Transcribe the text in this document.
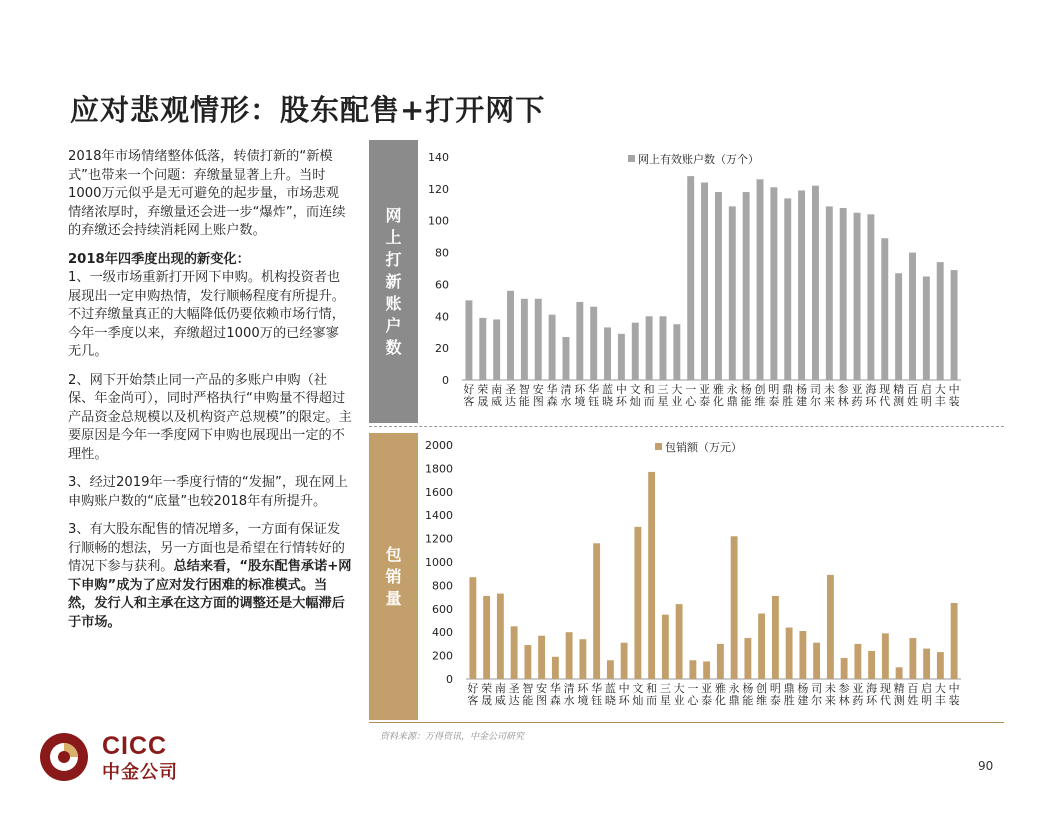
应对悲观情形：股东配售+打开网下

2018年市场情绪整体低落，转债打新的“新模式”也带来一个问题：弃缴量显著上升。当时1000万元似乎是无可避免的起步量，市场悲观情绪浓厚时，弃缴量还会进一步“爆炸”，而连续的弃缴还会持续消耗网上账户数。

2018年四季度出现的新变化：

1、一级市场重新打开网下申购。机构投资者也展现出一定申购热情，发行顺畅程度有所提升。不过弃缴量真正的大幅降低仍要依赖市场行情，今年一季度以来，弃缴超过1000万的已经寥寥无几。

2、网下开始禁止同一产品的多账户申购（社保、年金尚可），同时严格执行“申购量不得超过产品资金总规模以及机构资产总规模”的限定。主要原因是今年一季度网下申购也展现出一定的不理性。

3、经过2019年一季度行情的“发掘”，现在网上申购账户数的“底量”也较2018年有所提升。

3、有大股东配售的情况增多，一方面有保证发行顺畅的想法，另一方面也是希望在行情转好的情况下参与获利。总结来看，“股东配售承诺+网下申购”成为了应对发行困难的标准模式。当然，发行人和主承在这方面的调整还是大幅滞后于市场。

网上打新账户数
包销量
0
20
40
60
80
100
120
140
好
客
荣
晟
南
威
圣
达
智
能
安
图
华
森
清
水
环
境
华
钰
蓝
晓
中
环
文
灿
和
而
三
星
大
业
一
心
亚
泰
雅
化
永
鼎
杨
能
创
维
明
泰
鼎
胜
杨
建
司
尔
未
来
参
林
亚
药
海
环
现
代
精
测
百
姓
启
明
大
丰
中
装
网上有效账户数（万个）
0
200
400
600
800
1000
1200
1400
1600
1800
2000
好
客
荣
晟
南
威
圣
达
智
能
安
图
华
森
清
水
环
境
华
钰
蓝
晓
中
环
文
灿
和
而
三
星
大
业
一
心
亚
泰
雅
化
永
鼎
杨
能
创
维
明
泰
鼎
胜
杨
建
司
尔
未
来
参
林
亚
药
海
环
现
代
精
测
百
姓
启
明
大
丰
中
装
包销额（万元）
资料来源：万得资讯，中金公司研究
90
CICC
中金公司
